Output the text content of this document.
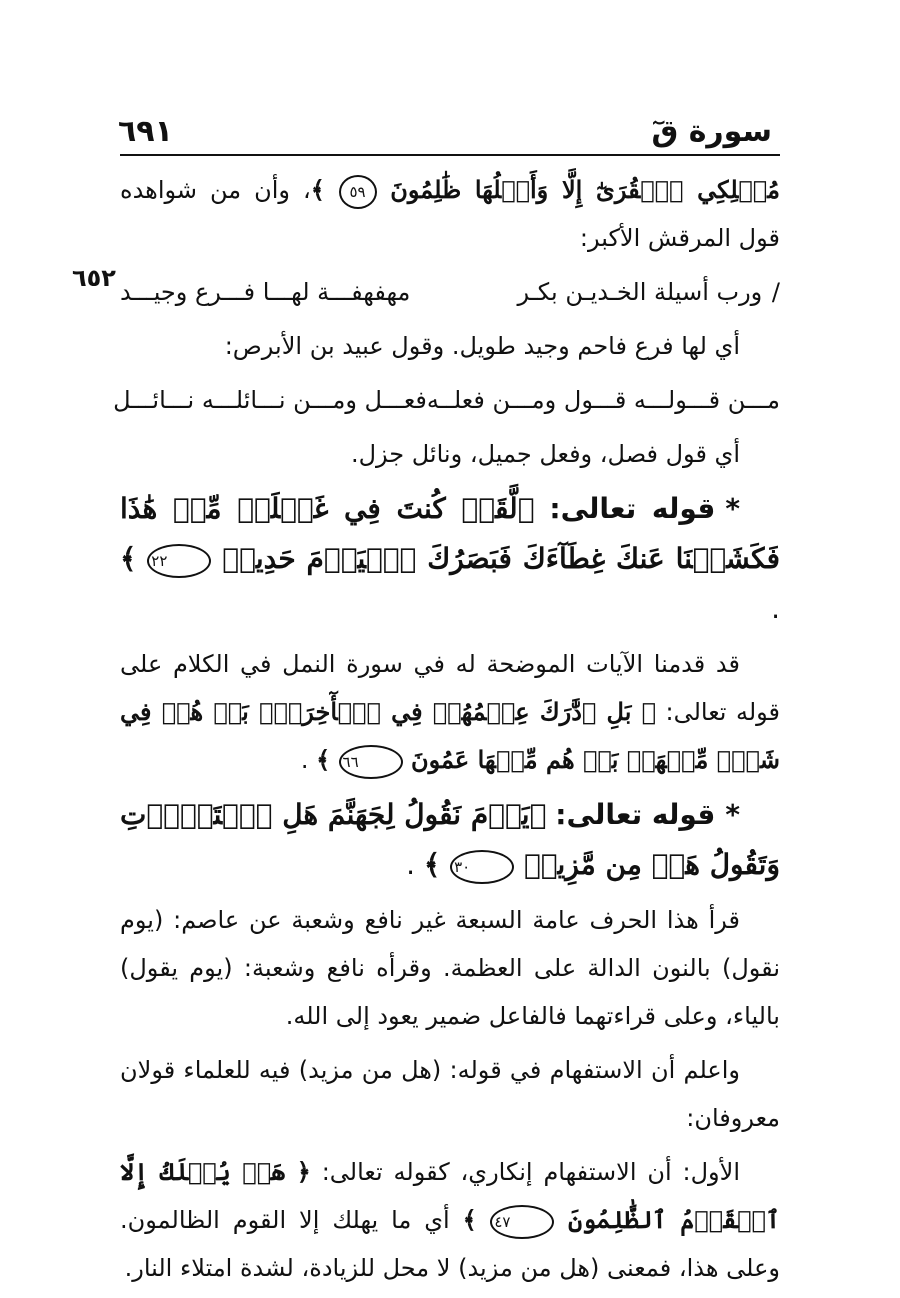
سورة قٓ
٦٩١
٦٥٢

مُهۡلِكِي ٱلۡقُرَىٰٓ إِلَّا وَأَهۡلُهَا ظَٰلِمُونَ ٥٩ ﴾، وأن من شواهده قول المرقش الأكبر:

/ ورب أسيلة الخـديـن بكـر
مهفهفـــة لهـــا فـــرع وجيـــد

أي لها فرع فاحم وجيد طويل. وقول عبيد بن الأبرص:

مـــن قـــولـــه قـــول ومـــن فعلــه
فعـــل ومـــن نـــائلـــه نـــائـــل

أي قول فصل، وفعل جميل، ونائل جزل.

*قوله تعالى: ﴿لَّقَدۡ كُنتَ فِي غَفۡلَةٖ مِّنۡ هَٰذَا فَكَشَفۡنَا عَنكَ غِطَآءَكَ فَبَصَرُكَ ٱلۡيَوۡمَ حَدِيدٞ ٢٢ ﴾ .

قد قدمنا الآيات الموضحة له في سورة النمل في الكلام على قوله تعالى: ﴿ بَلِ ٱدَّٰرَكَ عِلۡمُهُمۡ فِي ٱلۡأٓخِرَةِۚ بَلۡ هُمۡ فِي شَكّٖ مِّنۡهَاۖ بَلۡ هُم مِّنۡهَا عَمُونَ ٦٦ ﴾ .

*قوله تعالى: ﴿يَوۡمَ نَقُولُ لِجَهَنَّمَ هَلِ ٱمۡتَلَأۡتِ وَتَقُولُ هَلۡ مِن مَّزِيدٖ ٣٠ ﴾ .

قرأ هذا الحرف عامة السبعة غير نافع وشعبة عن عاصم: (يوم نقول) بالنون الدالة على العظمة. وقرأه نافع وشعبة: (يوم يقول) بالياء، وعلى قراءتهما فالفاعل ضمير يعود إلى الله.

واعلم أن الاستفهام في قوله: (هل من مزيد) فيه للعلماء قولان معروفان:

الأول: أن الاستفهام إنكاري، كقوله تعالى: ﴿ هَلۡ يُهۡلَكُ إِلَّا ٱلۡقَوۡمُ ٱلظَّٰلِمُونَ ٤٧ ﴾ أي ما يهلك إلا القوم الظالمون. وعلى هذا، فمعنى (هل من مزيد) لا محل للزيادة، لشدة امتلاء النار.
